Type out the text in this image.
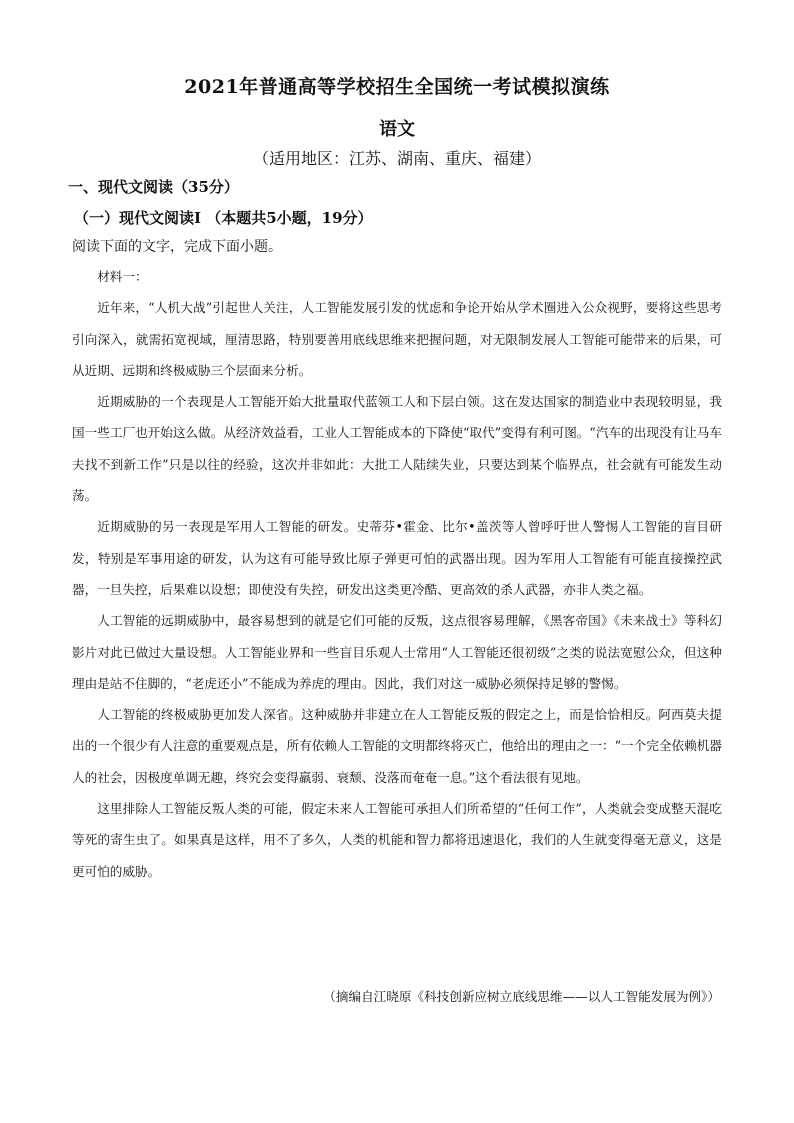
2021年普通高等学校招生全国统一考试模拟演练
语文
（适用地区：江苏、湖南、重庆、福建）
一、现代文阅读（35分）
（一）现代文阅读Ⅰ （本题共5小题，19分）
阅读下面的文字，完成下面小题。

材料一：

近年来，“人机大战”引起世人关注，人工智能发展引发的忧虑和争论开始从学术圈进入公众视野，要将这些思考引向深入，就需拓宽视域，厘清思路，特别要善用底线思维来把握问题，对无限制发展人工智能可能带来的后果，可从近期、远期和终极威胁三个层面来分析。

近期威胁的一个表现是人工智能开始大批量取代蓝领工人和下层白领。这在发达国家的制造业中表现较明显，我国一些工厂也开始这么做。从经济效益看，工业人工智能成本的下降使“取代”变得有利可图。“汽车的出现没有让马车夫找不到新工作”只是以往的经验，这次并非如此：大批工人陆续失业，只要达到某个临界点，社会就有可能发生动荡。

近期威胁的另一表现是军用人工智能的研发。史蒂芬•霍金、比尔•盖茨等人曾呼吁世人警惕人工智能的盲目研发，特别是军事用途的研发，认为这有可能导致比原子弹更可怕的武器出现。因为军用人工智能有可能直接操控武器，一旦失控，后果难以设想；即使没有失控，研发出这类更冷酷、更高效的杀人武器，亦非人类之福。

人工智能的远期威胁中，最容易想到的就是它们可能的反叛，这点很容易理解，《黑客帝国》《未来战士》等科幻影片对此已做过大量设想。人工智能业界和一些盲目乐观人士常用“人工智能还很初级”之类的说法宽慰公众，但这种理由是站不住脚的，“老虎还小”不能成为养虎的理由。因此，我们对这一威胁必须保持足够的警惕。

人工智能的终极威胁更加发人深省。这种威胁并非建立在人工智能反叛的假定之上，而是恰恰相反。阿西莫夫提出的一个很少有人注意的重要观点是，所有依赖人工智能的文明都终将灭亡，他给出的理由之一：“一个完全依赖机器人的社会，因极度单调无趣，终究会变得羸弱、衰颓、没落而奄奄一息。”这个看法很有见地。

这里排除人工智能反叛人类的可能，假定未来人工智能可承担人们所希望的“任何工作”，人类就会变成整天混吃等死的寄生虫了。如果真是这样，用不了多久，人类的机能和智力都将迅速退化，我们的人生就变得毫无意义，这是更可怕的威胁。

（摘编自江晓原《科技创新应树立底线思维——以人工智能发展为例》）
